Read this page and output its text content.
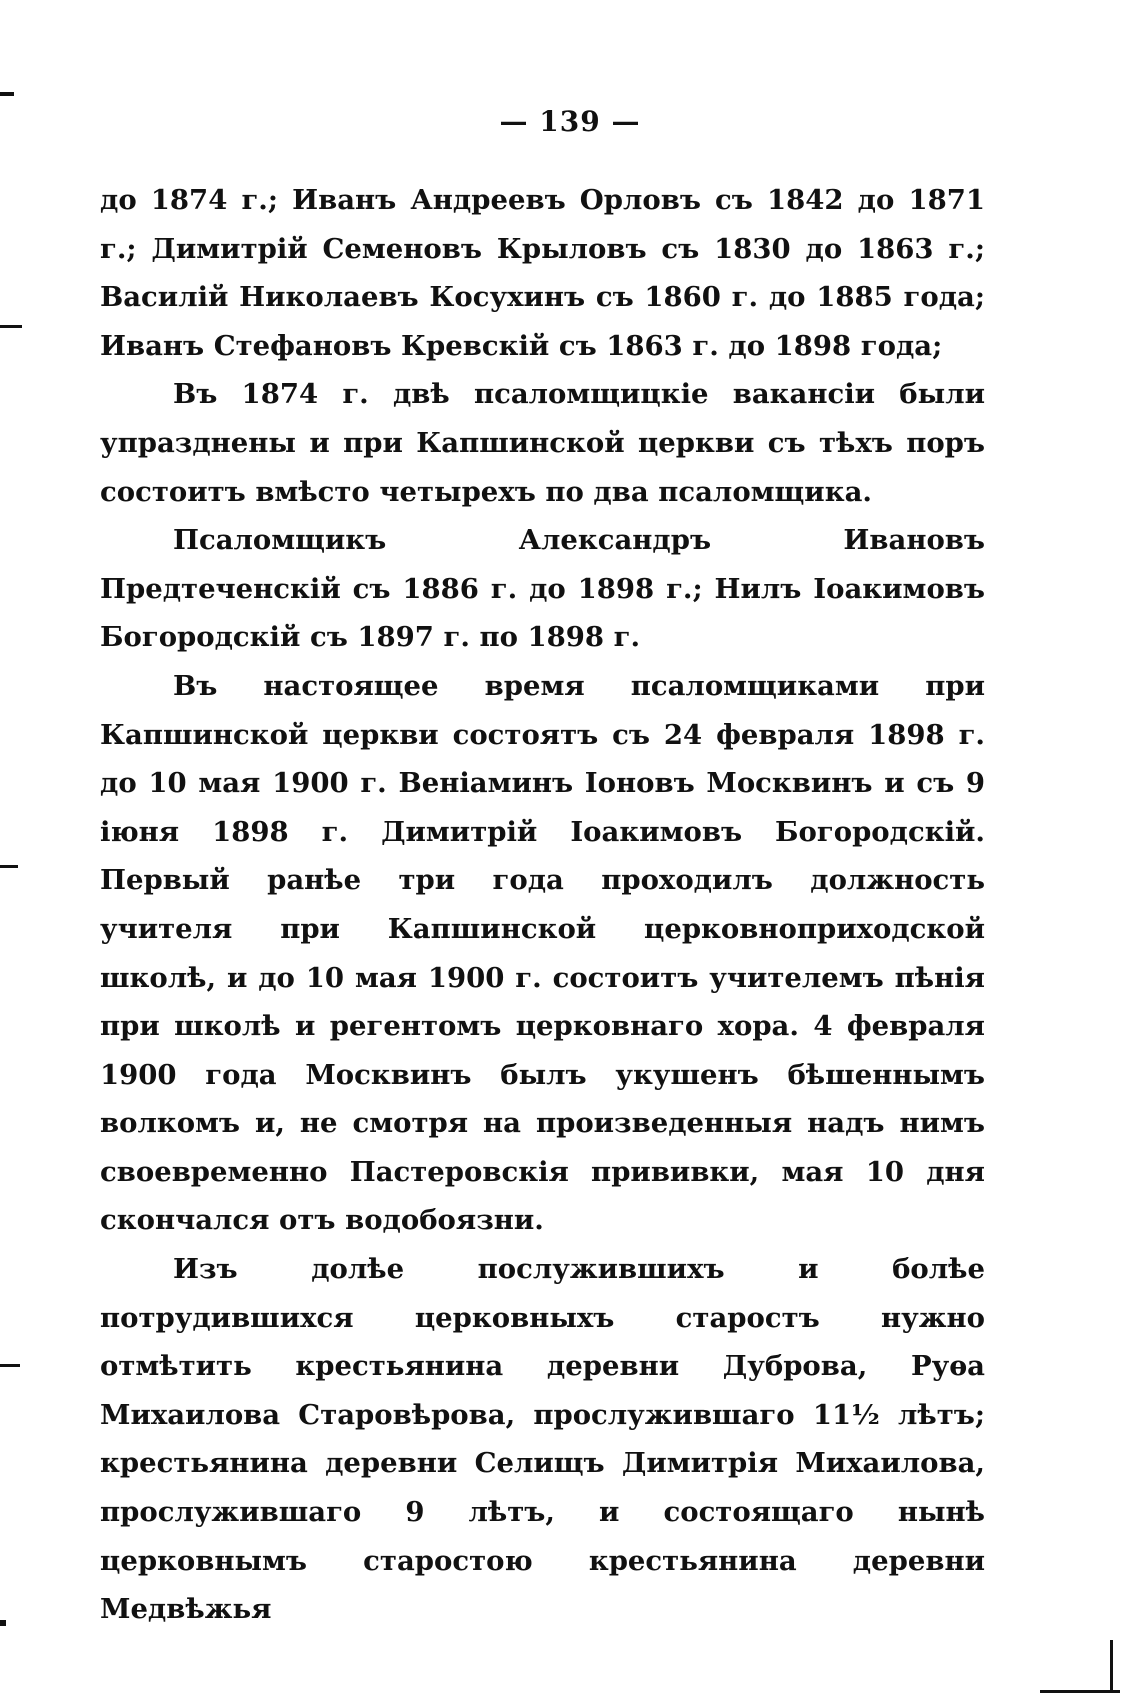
— 139 —

до 1874 г.; Иванъ Андреевъ Орловъ съ 1842 до 1871 г.; Димитрій Семеновъ Крыловъ съ 1830 до 1863 г.; Василій Николаевъ Косухинъ съ 1860 г. до 1885 года; Иванъ Стефановъ Кревскій съ 1863 г. до 1898 года;

Въ 1874 г. двѣ псаломщицкіе вакансіи были упразднены и при Капшинской церкви съ тѣхъ поръ состоитъ вмѣсто четырехъ по два псаломщика.

Псаломщикъ Александръ Ивановъ Предтеченскій съ 1886 г. до 1898 г.; Нилъ Іоакимовъ Богородскій съ 1897 г. по 1898 г.

Въ настоящее время псаломщиками при Капшинской церкви состоятъ съ 24 февраля 1898 г. до 10 мая 1900 г. Веніаминъ Іоновъ Москвинъ и съ 9 іюня 1898 г. Димитрій Іоакимовъ Богородскій. Первый ранѣе три года проходилъ должность учителя при Капшинской церковноприходской школѣ, и до 10 мая 1900 г. состоитъ учителемъ пѣнія при школѣ и регентомъ церковнаго хора. 4 февраля 1900 года Москвинъ былъ укушенъ бѣшеннымъ волкомъ и, не смотря на произведенныя надъ нимъ своевременно Пастеровскія прививки, мая 10 дня скончался отъ водобоязни.

Изъ долѣе послужившихъ и болѣе потрудившихся церковныхъ старостъ нужно отмѣтить крестьянина деревни Дуброва, Руѳа Михаилова Старовѣрова, прослужившаго 11½ лѣтъ; крестьянина деревни Селищъ Димитрія Михаилова, прослужившаго 9 лѣтъ, и состоящаго нынѣ церковнымъ старостою крестьянина деревни Медвѣжья
